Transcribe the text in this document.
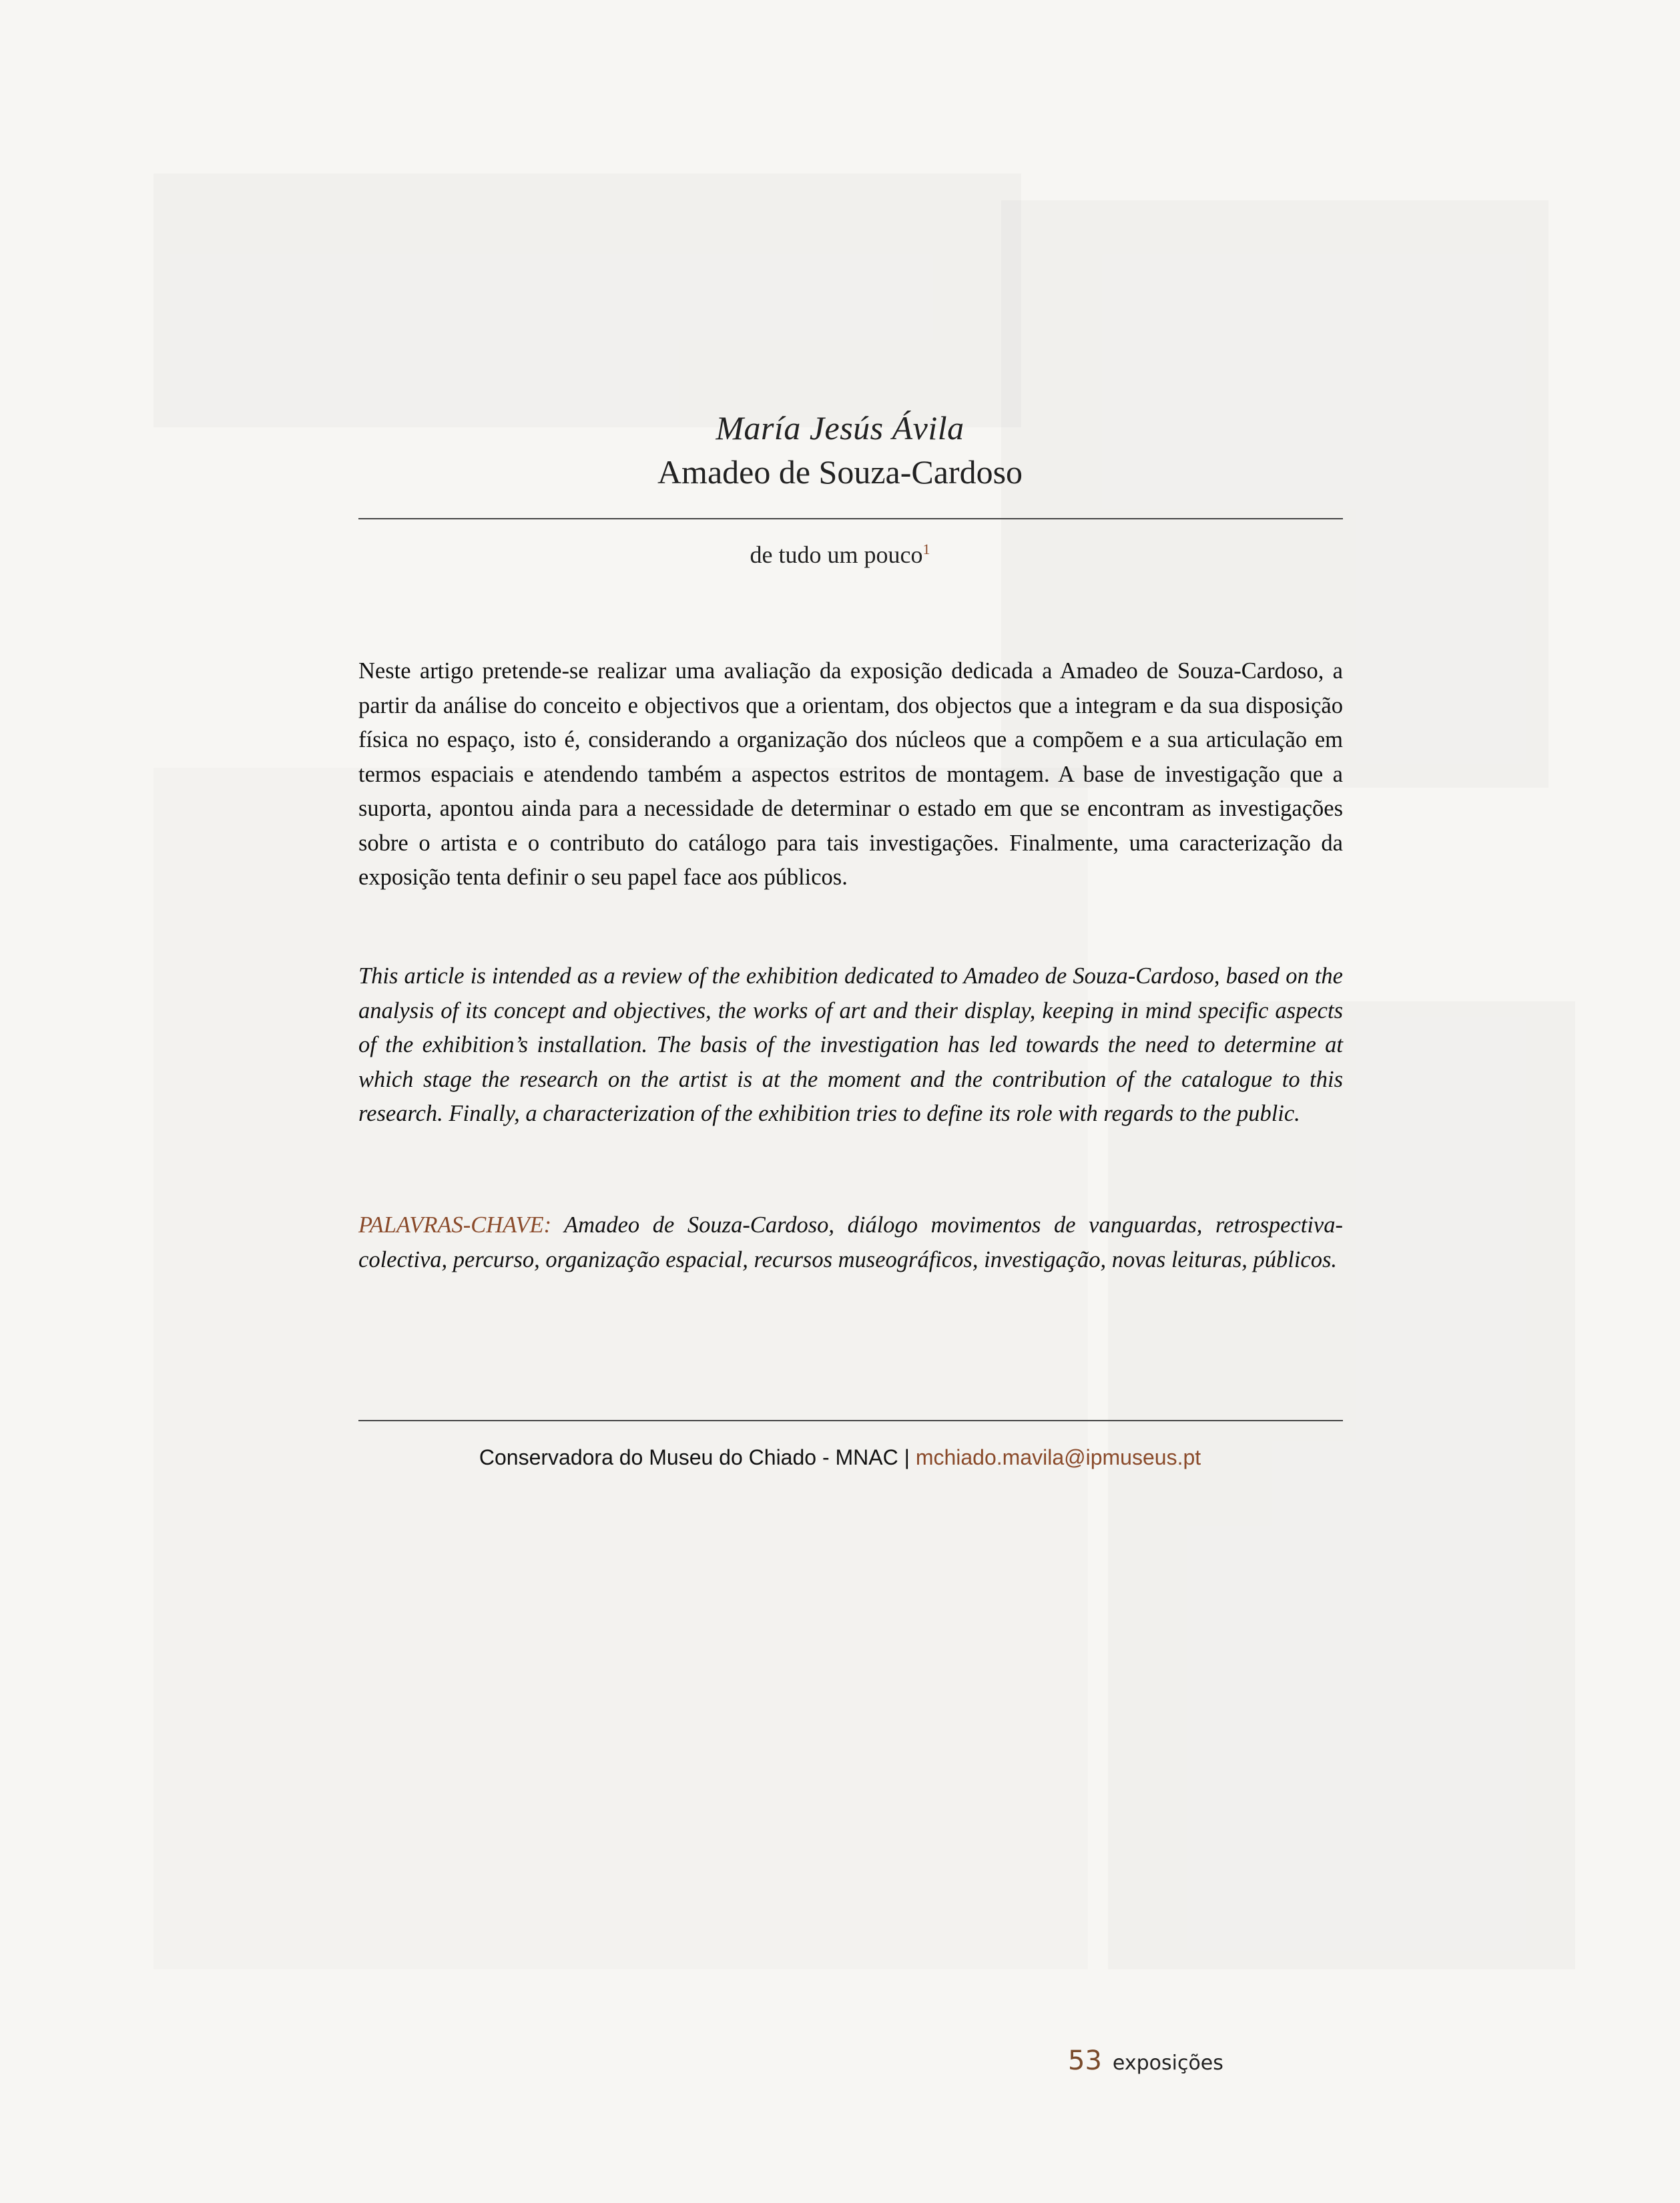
María Jesús Ávila
Amadeo de Souza-Cardoso
de tudo um pouco$^1$

Neste artigo pretende-se realizar uma avaliação da exposição dedicada a Amadeo de Souza-Cardoso, a partir da análise do conceito e objectivos que a orientam, dos objectos que a integram e da sua disposição física no espaço, isto é, considerando a organização dos núcleos que a compõem e a sua articulação em termos espaciais e atendendo também a aspectos estritos de montagem. A base de investigação que a suporta, apontou ainda para a necessidade de determinar o estado em que se encontram as investigações sobre o artista e o contributo do catálogo para tais investigações. Finalmente, uma caracterização da exposição tenta definir o seu papel face aos públicos.

This article is intended as a review of the exhibition dedicated to Amadeo de Souza-Cardoso, based on the analysis of its concept and objectives, the works of art and their display, keeping in mind specific aspects of the exhibition’s installation. The basis of the investigation has led towards the need to determine at which stage the research on the artist is at the moment and the contribution of the catalogue to this research. Finally, a characterization of the exhibition tries to define its role with regards to the public.

PALAVRAS-CHAVE: Amadeo de Souza-Cardoso, diálogo movimentos de vanguardas, retrospectiva-colectiva, percurso, organização espacial, recursos museográficos, investigação, novas leituras, públicos.

Conservadora do Museu do Chiado - MNAC | mchiado.mavila@ipmuseus.pt
53 exposições
